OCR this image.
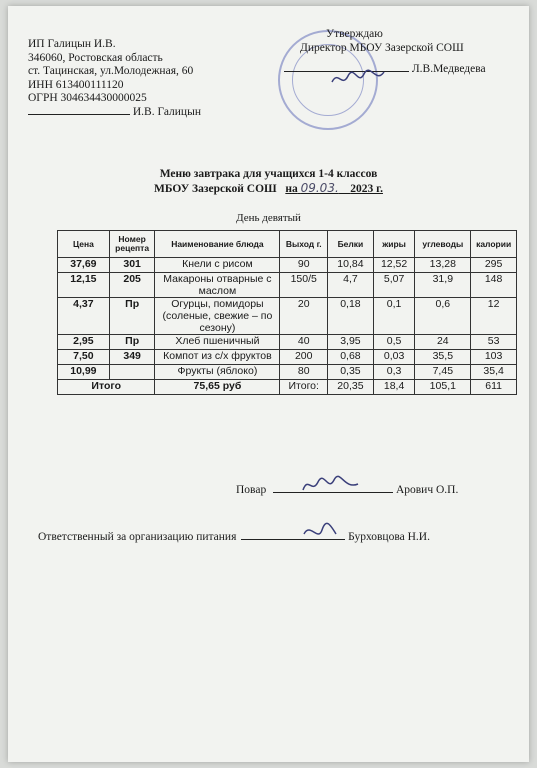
ИП Галицын И.В.
346060, Ростовская область
ст. Тацинская, ул.Молодежная, 60
ИНН 613400111120
ОГРН 304634430000025
И.В. Галицын
Утверждаю
Директор МБОУ Зазерской СОШ
Л.В.Медведева
Меню завтрака для учащихся 1-4 классов
МБОУ Зазерской СОШ на 09.03. 2023 г.
День девятый
Цена	Номер рецепта	Наименование блюда	Выход г.	Белки	жиры	углеводы	калории
37,69	301	Кнели с рисом	90	10,84	12,52	13,28	295
12,15	205	Макароны отварные с маслом	150/5	4,7	5,07	31,9	148
4,37	Пр	Огурцы, помидоры (соленые, свежие – по сезону)	20	0,18	0,1	0,6	12
2,95	Пр	Хлеб пшеничный	40	3,95	0,5	24	53
7,50	349	Компот из с/х фруктов	200	0,68	0,03	35,5	103
10,99		Фрукты (яблоко)	80	0,35	0,3	7,45	35,4
Итого		75,65 руб	Итого:	20,35	18,4	105,1	611
Повар	Арович О.П.
Ответственный за организацию питания	Бурховцова Н.И.
